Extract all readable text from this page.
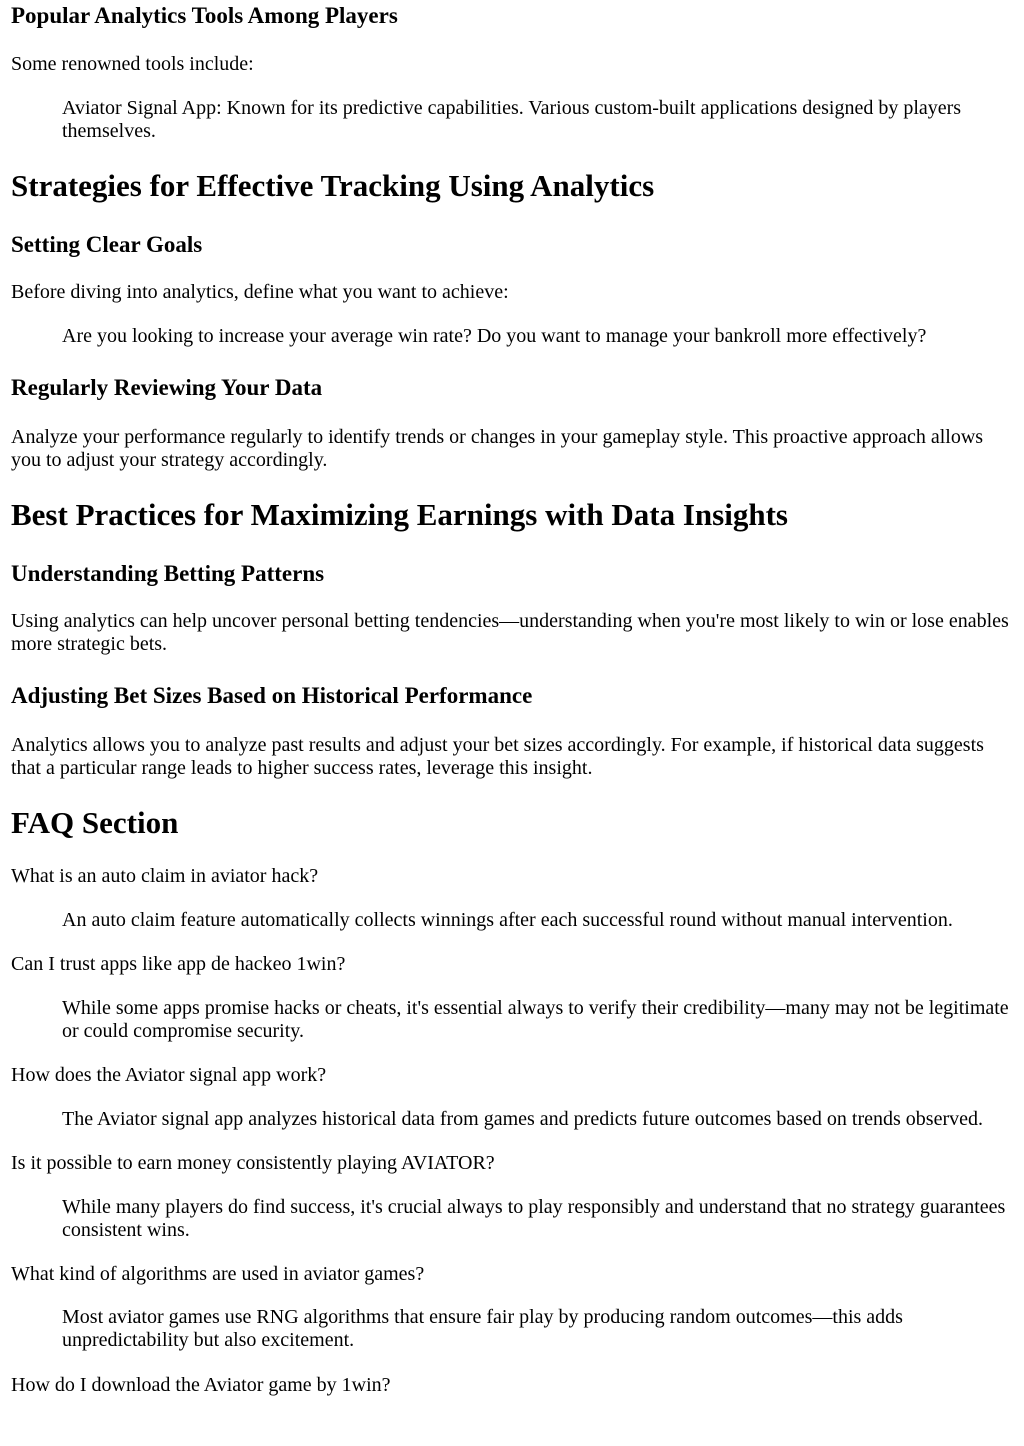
Popular Analytics Tools Among Players

Some renowned tools include:

Aviator Signal App: Known for its predictive capabilities. Various custom-built applications designed by players themselves.

Strategies for Effective Tracking Using Analytics
Setting Clear Goals

Before diving into analytics, define what you want to achieve:

Are you looking to increase your average win rate? Do you want to manage your bankroll more effectively?

Regularly Reviewing Your Data

Analyze your performance regularly to identify trends or changes in your gameplay style. This proactive approach allows you to adjust your strategy accordingly.

Best Practices for Maximizing Earnings with Data Insights
Understanding Betting Patterns

Using analytics can help uncover personal betting tendencies—understanding when you're most likely to win or lose enables more strategic bets.

Adjusting Bet Sizes Based on Historical Performance

Analytics allows you to analyze past results and adjust your bet sizes accordingly. For example, if historical data suggests that a particular range leads to higher success rates, leverage this insight.

FAQ Section

What is an auto claim in aviator hack?

An auto claim feature automatically collects winnings after each successful round without manual intervention.

Can I trust apps like app de hackeo 1win?

While some apps promise hacks or cheats, it's essential always to verify their credibility—many may not be legitimate or could compromise security.

How does the Aviator signal app work?

The Aviator signal app analyzes historical data from games and predicts future outcomes based on trends observed.

Is it possible to earn money consistently playing AVIATOR?

While many players do find success, it's crucial always to play responsibly and understand that no strategy guarantees consistent wins.

What kind of algorithms are used in aviator games?

Most aviator games use RNG algorithms that ensure fair play by producing random outcomes—this adds unpredictability but also excitement.

How do I download the Aviator game by 1win?
